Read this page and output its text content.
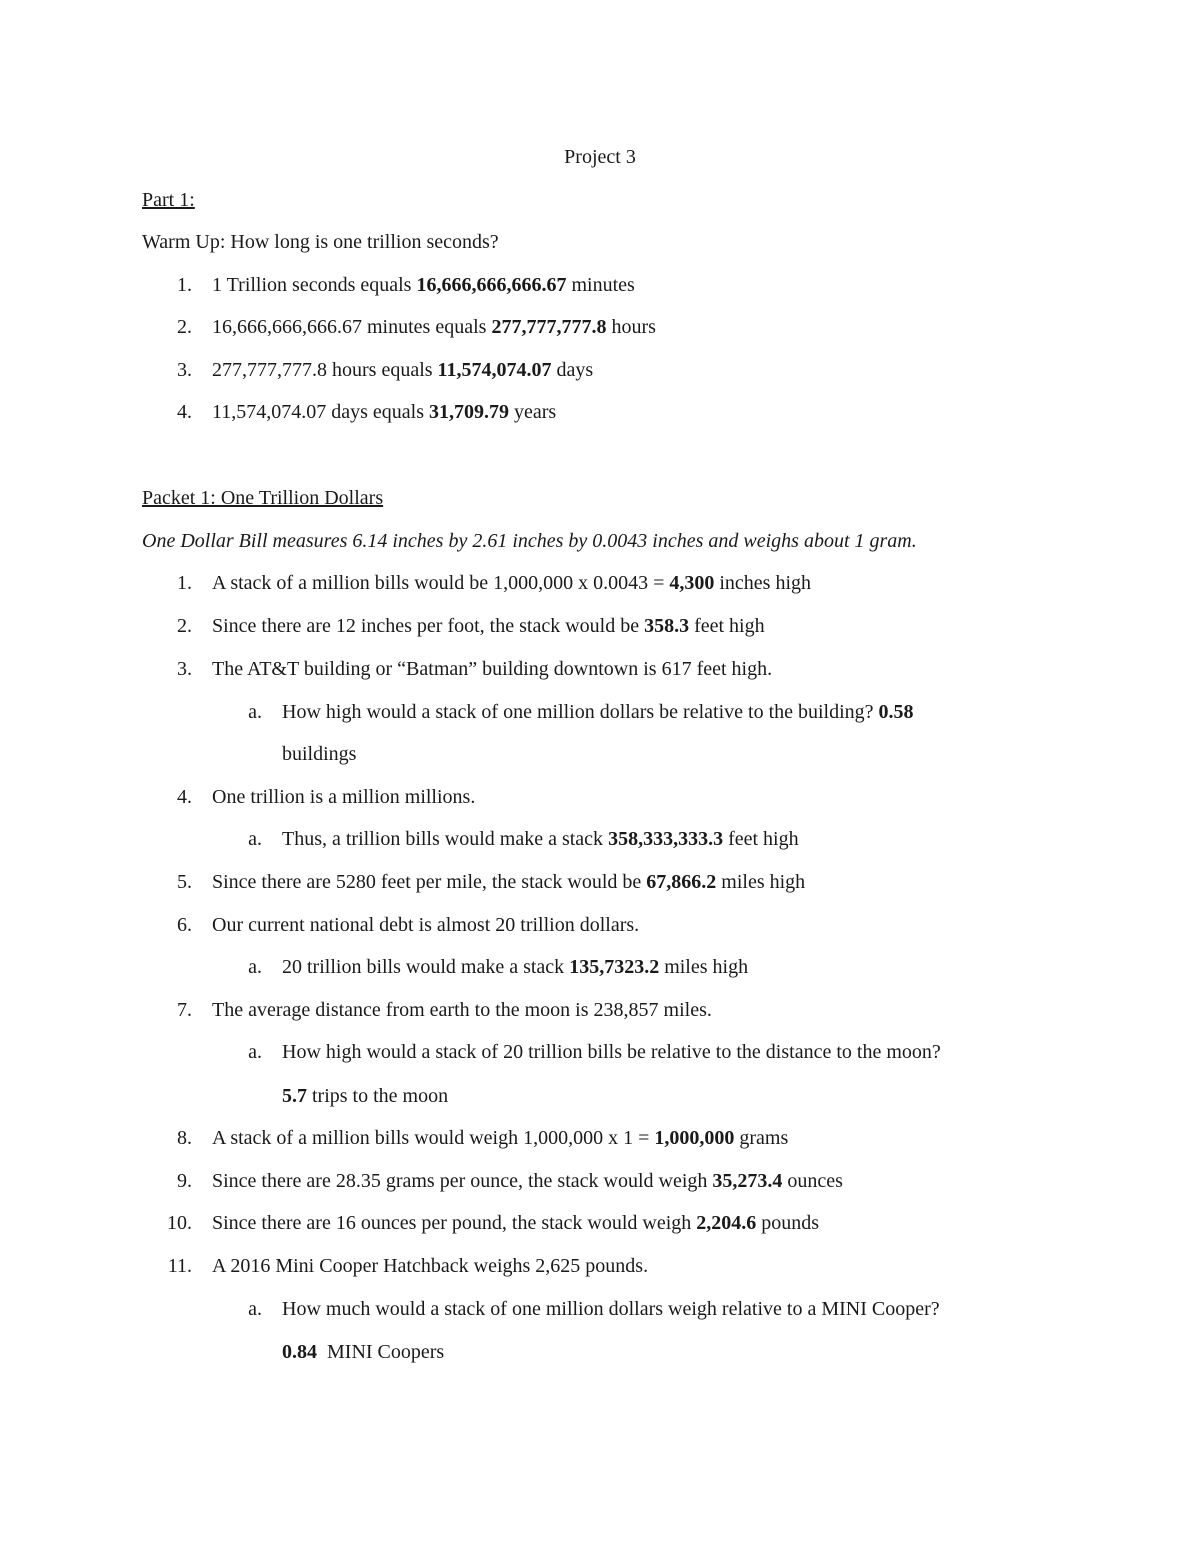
Project 3
Part 1:
Warm Up: How long is one trillion seconds?
1. 1 Trillion seconds equals 16,666,666,666.67 minutes
2. 16,666,666,666.67 minutes equals 277,777,777.8 hours
3. 277,777,777.8 hours equals 11,574,074.07 days
4. 11,574,074.07 days equals 31,709.79 years
Packet 1: One Trillion Dollars
One Dollar Bill measures 6.14 inches by 2.61 inches by 0.0043 inches and weighs about 1 gram.
1. A stack of a million bills would be 1,000,000 x 0.0043 = 4,300 inches high
2. Since there are 12 inches per foot, the stack would be 358.3 feet high
3. The AT&T building or “Batman” building downtown is 617 feet high.
a. How high would a stack of one million dollars be relative to the building? 0.58
buildings
4. One trillion is a million millions.
a. Thus, a trillion bills would make a stack 358,333,333.3 feet high
5. Since there are 5280 feet per mile, the stack would be 67,866.2 miles high
6. Our current national debt is almost 20 trillion dollars.
a. 20 trillion bills would make a stack 135,7323.2 miles high
7. The average distance from earth to the moon is 238,857 miles.
a. How high would a stack of 20 trillion bills be relative to the distance to the moon?
5.7 trips to the moon
8. A stack of a million bills would weigh 1,000,000 x 1 = 1,000,000 grams
9. Since there are 28.35 grams per ounce, the stack would weigh 35,273.4 ounces
10. Since there are 16 ounces per pound, the stack would weigh 2,204.6 pounds
11. A 2016 Mini Cooper Hatchback weighs 2,625 pounds.
a. How much would a stack of one million dollars weigh relative to a MINI Cooper?
0.84  MINI Coopers
